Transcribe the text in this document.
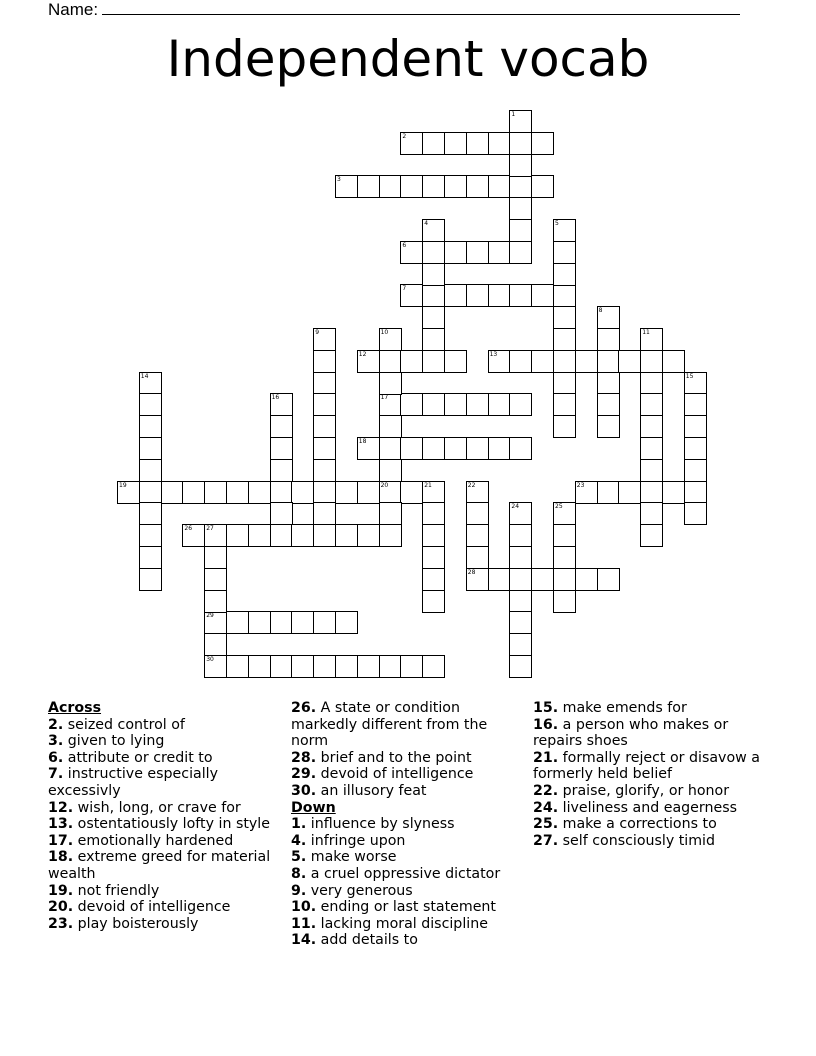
Name:
Independent vocab
2
3
6
7
12	13
17
18
19	20	23
26 27
28
29
30
1
4	5
8
9	10	11
14	15
16
21	22
24	25
Across
2. seized control of
3. given to lying
6. attribute or credit to
7. instructive especially excessivly
12. wish, long, or crave for
13. ostentatiously lofty in style
17. emotionally hardened
18. extreme greed for material wealth
19. not friendly
20. devoid of intelligence
23. play boisterously
26. A state or condition markedly different from the norm
28. brief and to the point
29. devoid of intelligence
30. an illusory feat
Down
1. influence by slyness
4. infringe upon
5. make worse
8. a cruel oppressive dictator
9. very generous
10. ending or last statement
11. lacking moral discipline
14. add details to
15. make emends for
16. a person who makes or repairs shoes
21. formally reject or disavow a formerly held belief
22. praise, glorify, or honor
24. liveliness and eagerness
25. make a corrections to
27. self consciously timid
